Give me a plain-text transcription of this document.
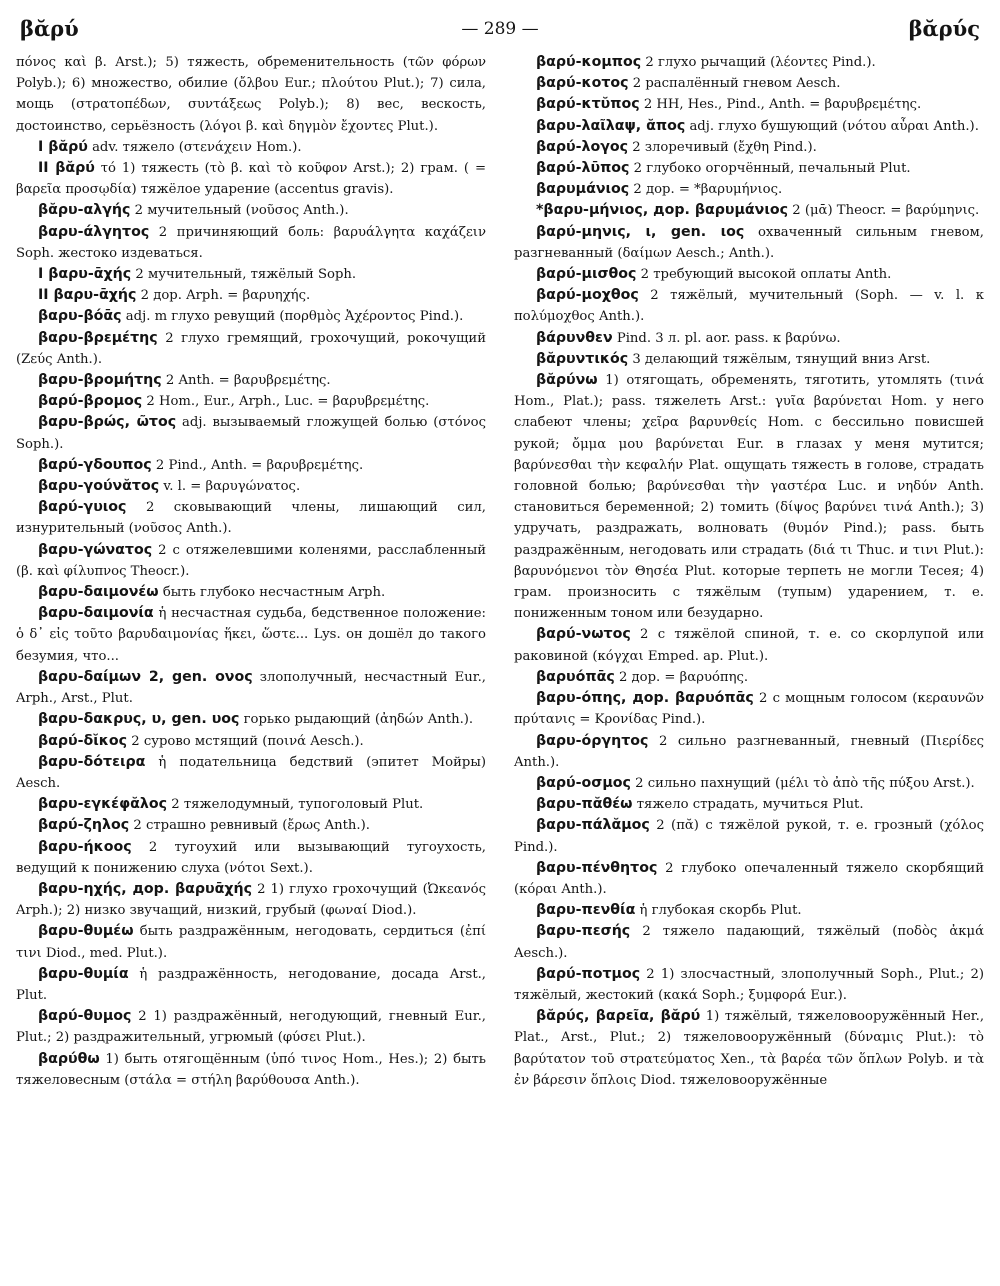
βᾰρύ	— 289 —	βᾰρύς

πόνος καὶ β. Arst.); 5) тяжесть, обременительность (τῶν φόρων Polyb.); 6) множество, обилие (ὄλβου Eur.; πλούτου Plut.); 7) сила, мощь (στρατοπέδων, συντάξεως Polyb.); 8) вес, вескость, достоинство, серьёзность (λόγοι β. καὶ δηγμὸν ἔχοντες Plut.).

I βᾰρύ adv. тяжело (στενάχειν Hom.).

II βᾰρύ τό 1) тяжесть (τὸ β. καὶ τὸ κοῦφον Arst.); 2) грам. ( = βαρεῖα προσῳδία) тяжёлое ударение (accentus gravis).

βᾰρυ-αλγής 2 мучительный (νοῦσος Anth.).

βαρυ-άλγητος 2 причиняющий боль: βαρυάλγητα καχάζειν Soph. жестоко издеваться.

I βαρυ-ᾱχής 2 мучительный, тяжёлый Soph.

II βαρυ-ᾱχής 2 дор. Arph. = βαρυηχής.

βαρυ-βόᾱς adj. m глухо ревущий (πορθμὸς Ἀχέροντος Pind.).

βαρυ-βρεμέτης 2 глухо гремящий, грохочущий, рокочущий (Ζεύς Anth.).

βαρυ-βρομήτης 2 Anth. = βαρυβρεμέτης.

βαρύ-βρομος 2 Hom., Eur., Arph., Luc. = βαρυβρεμέτης.

βαρυ-βρώς, ῶτος adj. вызываемый гложущей болью (στόνος Soph.).

βαρύ-γδουπος 2 Pind., Anth. = βαρυβρεμέτης.

βαρυ-γούνᾰτος v. l. = βαρυγώνατος.

βαρύ-γυιος 2 сковывающий члены, лишающий сил, изнурительный (νοῦσος Anth.).

βαρυ-γώνατος 2 с отяжелевшими коленями, расслабленный (β. καὶ φίλυπνος Theocr.).

βαρυ-δαιμονέω быть глубоко несчастным Arph.

βαρυ-δαιμονία ἡ несчастная судьба, бедственное положение: ὁ δ᾽ εἰς τοῦτο βαρυδαιμονίας ἥκει, ὥστε... Lys. он дошёл до такого безумия, что...

βαρυ-δαίμων 2, gen. ονος злополучный, несчастный Eur., Arph., Arst., Plut.

βαρυ-δακρυς, υ, gen. υος горько рыдающий (ἀηδών Anth.).

βαρύ-δῐκος 2 сурово мстящий (ποινά Aesch.).

βαρυ-δότειρα ἡ подательница бедствий (эпитет Мойры) Aesch.

βαρυ-εγκέφᾰλος 2 тяжелодумный, тупоголовый Plut.

βαρύ-ζηλος 2 страшно ревнивый (ἔρως Anth.).

βαρυ-ήκοος 2 тугоухий или вызывающий тугоухость, ведущий к понижению слуха (νότοι Sext.).

βαρυ-ηχής, дор. βαρυᾱχής 2 1) глухо грохочущий (Ὠκεανός Arph.); 2) низко звучащий, низкий, грубый (φωναί Diod.).

βαρυ-θυμέω быть раздражённым, негодовать, сердиться (ἐπί τινι Diod., med. Plut.).

βαρυ-θυμία ἡ раздражённость, негодование, досада Arst., Plut.

βαρύ-θυμος 2 1) раздражённый, негодующий, гневный Eur., Plut.; 2) раздражительный, угрюмый (φύσει Plut.).

βαρύθω 1) быть отягощённым (ὑπό τινος Hom., Hes.); 2) быть тяжеловесным (στάλα = στήλη βαρύθουσα Anth.).

βαρύ-κομπος 2 глухо рычащий (λέοντες Pind.).

βαρύ-κοτος 2 распалённый гневом Aesch.

βαρύ-κτῠπος 2 HH, Hes., Pind., Anth. = βαρυβρεμέτης.

βαρυ-λαῖλαψ, ᾰπος adj. глухо бушующий (νότου αὖραι Anth.).

βαρύ-λογος 2 злоречивый (ἔχθη Pind.).

βαρύ-λῡπος 2 глубоко огорчённый, печальный Plut.

βαρυμάνιος 2 дор. = *βαρυμήνιος.

*βαρυ-μήνιος, дор. βαρυμάνιος 2 (μᾱ) Theocr. = βαρύμηνις.

βαρύ-μηνις, ι, gen. ιος охваченный сильным гневом, разгневанный (δαίμων Aesch.; Anth.).

βαρύ-μισθος 2 требующий высокой оплаты Anth.

βαρύ-μοχθος 2 тяжёлый, мучительный (Soph. — v. l. к πολύμοχθος Anth.).

βάρυνθεν Pind. 3 л. pl. aor. pass. к βαρύνω.

βᾰρυντικός 3 делающий тяжёлым, тянущий вниз Arst.

βᾰρύνω 1) отягощать, обременять, тяготить, утомлять (τινά Hom., Plat.); pass. тяжелеть Arst.: γυῖα βαρύνεται Hom. у него слабеют члены; χεῖρα βαρυνθείς Hom. с бессильно повисшей рукой; ὄμμα μου βαρύνεται Eur. в глазах у меня мутится; βαρύνεσθαι τὴν κεφαλήν Plat. ощущать тяжесть в голове, страдать головной болью; βαρύνεσθαι τὴν γαστέρα Luc. и νηδύν Anth. становиться беременной; 2) томить (δίψος βαρύνει τινά Anth.); 3) удручать, раздражать, волновать (θυμόν Pind.); pass. быть раздражённым, негодовать или страдать (διά τι Thuc. и τινι Plut.): βαρυνόμενοι τὸν Θησέα Plut. которые терпеть не могли Тесея; 4) грам. произносить с тяжёлым (тупым) ударением, т. е. пониженным тоном или безударно.

βαρύ-νωτος 2 с тяжёлой спиной, т. е. со скорлупой или раковиной (κόγχαι Emped. ap. Plut.).

βαρυόπᾱς 2 дор. = βαρυόπης.

βαρυ-όπης, дор. βαρυόπᾱς 2 с мощным голосом (κεραυνῶν πρύτανις = Κρονίδας Pind.).

βαρυ-όργητος 2 сильно разгневанный, гневный (Πιερίδες Anth.).

βαρύ-οσμος 2 сильно пахнущий (μέλι τὸ ἀπὸ τῆς πύξου Arst.).

βαρυ-πᾰθέω тяжело страдать, мучиться Plut.

βαρυ-πάλᾰμος 2 (πᾰ) с тяжёлой рукой, т. е. грозный (χόλος Pind.).

βαρυ-πένθητος 2 глубоко опечаленный тяжело скорбящий (κόραι Anth.).

βαρυ-πενθία ἡ глубокая скорбь Plut.

βαρυ-πεσής 2 тяжело падающий, тяжёлый (ποδὸς ἀκμά Aesch.).

βαρύ-ποτμος 2 1) злосчастный, злополучный Soph., Plut.; 2) тяжёлый, жестокий (κακά Soph.; ξυμφορά Eur.).

βᾰρύς, βαρεῖα, βᾰρύ 1) тяжёлый, тяжеловооружённый Her., Plat., Arst., Plut.; 2) тяжеловооружённый (δύναμις Plut.): τὸ βαρύτατον τοῦ στρατεύματος Xen., τὰ βαρέα τῶν ὅπλων Polyb. и τὰ ἐν βάρεσιν ὅπλοις Diod. тяжеловооружённые
